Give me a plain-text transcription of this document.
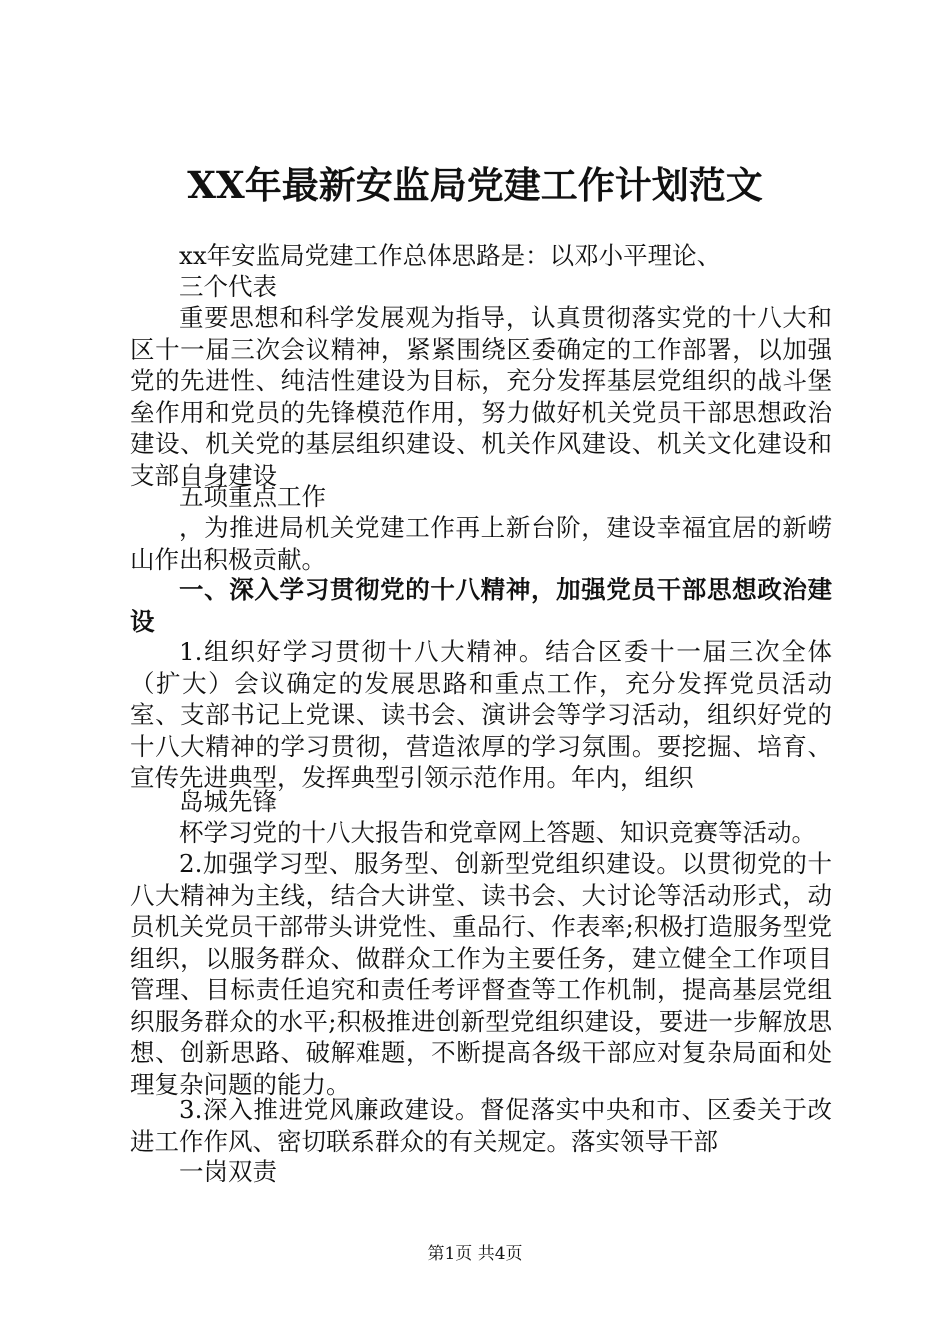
XX年最新安监局党建工作计划范文

xx年安监局党建工作总体思路是：以邓小平理论、

三个代表

重要思想和科学发展观为指导，认真贯彻落实党的十八大和区十一届三次会议精神，紧紧围绕区委确定的工作部署，以加强党的先进性、纯洁性建设为目标，充分发挥基层党组织的战斗堡垒作用和党员的先锋模范作用，努力做好机关党员干部思想政治建设、机关党的基层组织建设、机关作风建设、机关文化建设和支部自身建设

五项重点工作

，为推进局机关党建工作再上新台阶，建设幸福宜居的新崂山作出积极贡献。

一、深入学习贯彻党的十八精神，加强党员干部思想政治建设

1.组织好学习贯彻十八大精神。结合区委十一届三次全体（扩大）会议确定的发展思路和重点工作，充分发挥党员活动室、支部书记上党课、读书会、演讲会等学习活动，组织好党的十八大精神的学习贯彻，营造浓厚的学习氛围。要挖掘、培育、宣传先进典型，发挥典型引领示范作用。年内，组织

岛城先锋

杯学习党的十八大报告和党章网上答题、知识竞赛等活动。

2.加强学习型、服务型、创新型党组织建设。以贯彻党的十八大精神为主线，结合大讲堂、读书会、大讨论等活动形式，动员机关党员干部带头讲党性、重品行、作表率;积极打造服务型党组织，以服务群众、做群众工作为主要任务，建立健全工作项目管理、目标责任追究和责任考评督查等工作机制，提高基层党组织服务群众的水平;积极推进创新型党组织建设，要进一步解放思想、创新思路、破解难题，不断提高各级干部应对复杂局面和处理复杂问题的能力。

3.深入推进党风廉政建设。督促落实中央和市、区委关于改进工作作风、密切联系群众的有关规定。落实领导干部

一岗双责

第1页 共4页
